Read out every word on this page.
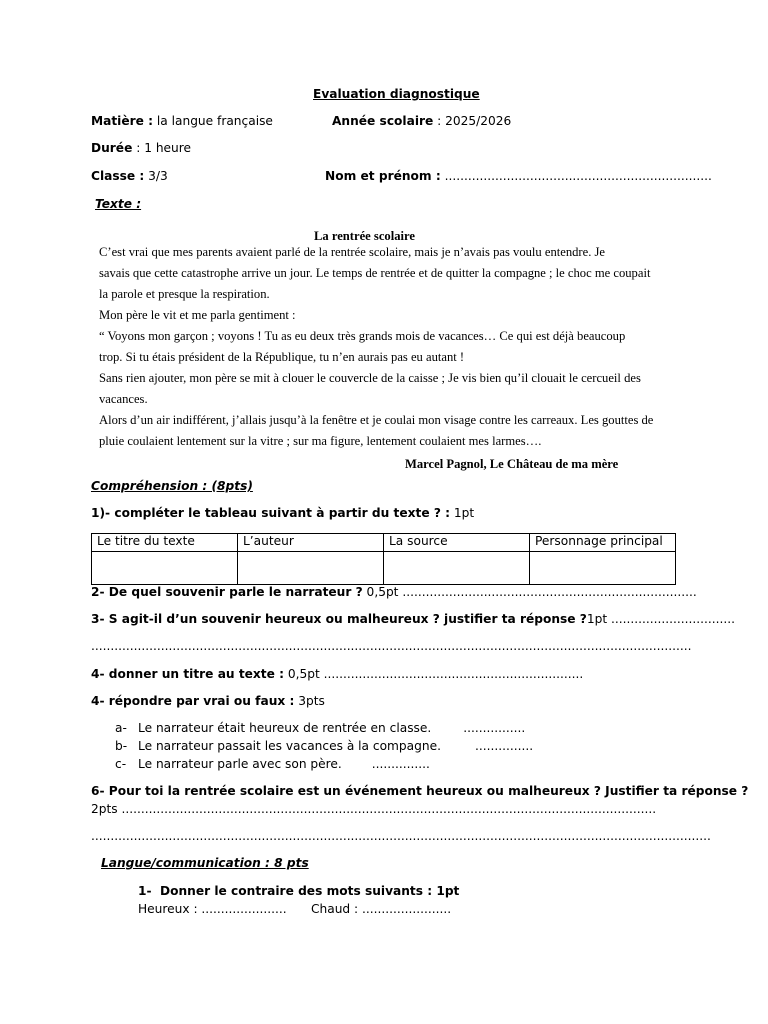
Evaluation diagnostique
Matière : la langue française	Année scolaire : 2025/2026
Durée : 1 heure
Classe : 3/3	Nom et prénom : .....................................................................
Texte :
La rentrée scolaire

C’est vrai que mes parents avaient parlé de la rentrée scolaire, mais je n’avais pas voulu entendre. Je

savais que cette catastrophe arrive un jour. Le temps de rentrée et de quitter la compagne ; le choc me coupait

la parole et presque la respiration.

Mon père le vit et me parla gentiment :

“ Voyons mon garçon ; voyons ! Tu as eu deux très grands mois de vacances… Ce qui est déjà beaucoup

trop. Si tu étais président de la République, tu n’en aurais pas eu autant !

Sans rien ajouter, mon père se mit à clouer le couvercle de la caisse ; Je vis bien qu’il clouait le cercueil des

vacances.

Alors d’un air indifférent, j’allais jusqu’à la fenêtre et je coulai mon visage contre les carreaux. Les gouttes de

pluie coulaient lentement sur la vitre ; sur ma figure, lentement coulaient mes larmes….

Marcel Pagnol, Le Château de ma mère
Compréhension : (8pts)
1)- compléter le tableau suivant à partir du texte ? : 1pt
Le titre du texte	L’auteur	La source	Personnage principal

2- De quel souvenir parle le narrateur ? 0,5pt ............................................................................
3- S agit-il d’un souvenir heureux ou malheureux ? justifier ta réponse ?1pt ................................
...........................................................................................................................................................
4- donner un titre au texte : 0,5pt ...................................................................
4- répondre par vrai ou faux : 3pts
a- Le narrateur était heureux de rentrée en classe.	................
b- Le narrateur passait les vacances à la compagne.	...............
c- Le narrateur parle avec son père. ...............
6- Pour toi la rentrée scolaire est un événement heureux ou malheureux ? Justifier ta réponse ?
2pts ..........................................................................................................................................
................................................................................................................................................................
Langue/communication : 8 pts
1- Donner le contraire des mots suivants : 1pt
Heureux : ...................... Chaud : .......................
